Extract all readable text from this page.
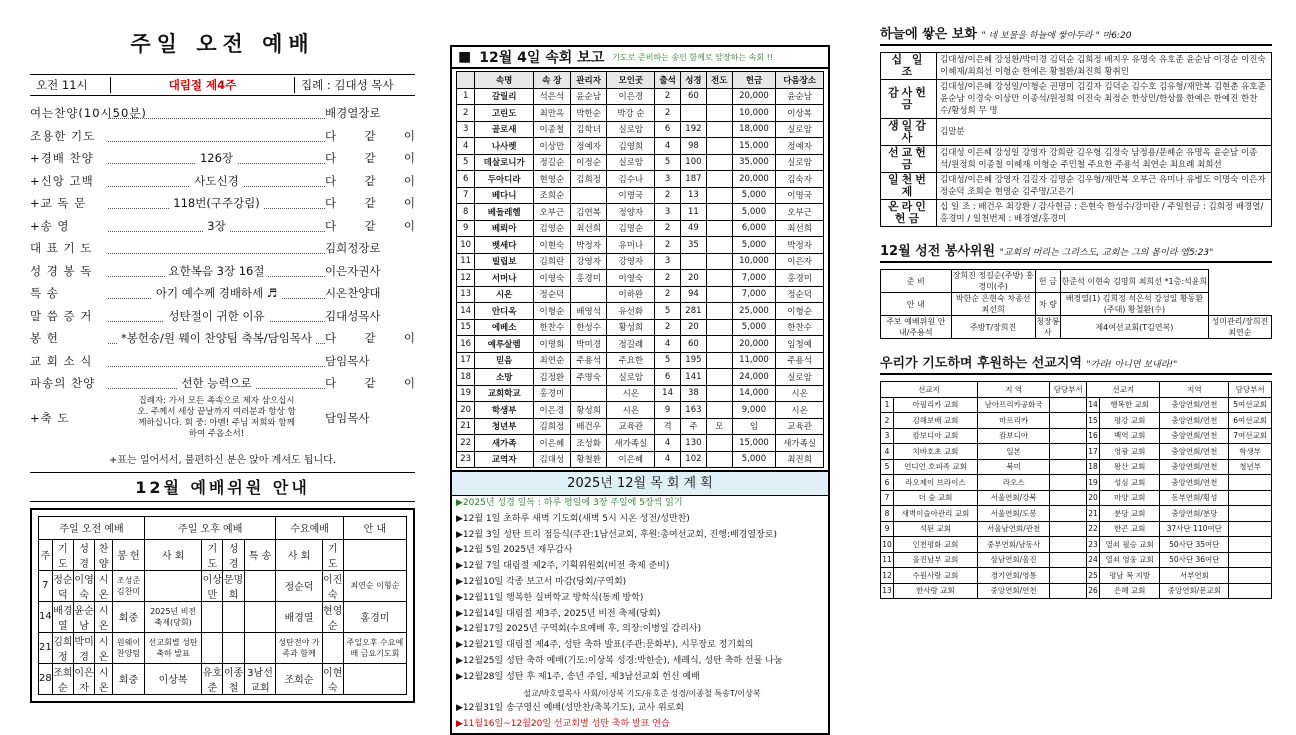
주일 오전 예배
오전 11시	대림절 제4주	집례 : 김대성 목사
여는찬양(10시50분)	배경열장로
조용한 기도	다 같 이
+경배 찬양	126장	다 같 이
+신앙 고백	사도신경	다 같 이
+교 독 문	118번(구주강림)	다 같 이
+송 영	3장	다 같 이
대 표 기 도	김희정장로
성 경 봉 독	요한복음 3장 16절	이은자권사
특 송	아기 예수께 경배하세 ♬	시온찬양대
말 씀 증 거	성탄절이 귀한 이유	김대성목사
봉 헌	*봉헌송/원 웨이 찬양팀 축복/담임목사	다 같 이
교 회 소 식	담임목사
파송의 찬양	선한 능력으로	다 같 이
+축 도
집례자: 가서 모든 족속으로 제자 삼으십시오. 주께서 세상 끝날까지 여러분과 항상 함께하십니다. 회 중: 아멘! 주님 저희와 함께하여 주옵소서!
담임목사
+표는 일어서서, 불편하신 분은 앉아 계셔도 됩니다.
12월 예배위원 안내
주일 오전 예배					주일 오후 예배				수요예배		안 내
주	기 도	성 경	찬 양	봉 헌	사 회	기 도	성 경	특 송	사 회	기 도	
7	정순덕	이영숙	시온	조성준 김찬미		이상만	문명희		정순덕	이진숙	최연순 이형순
14	배경열	윤순남	시온	회중	2025년 비전 축제(당회)				배경열	현영순	홍경미
21	김희정	박미경	시온	원웨이 찬양팀	선교회별 성탄 축하 발표				성탄전야 가족과 함께		주일오후 수요예배 금요기도회
28	조희순	이은자	시온	회중	이상복	유호준	이종철	3남선 교회	조희순	이현숙	
■ 12월 4일 속회 보고 기도로 준비하는 송인 함께로 앞장하는 속회 !!
	속명	속 장	관리자	모인곳	출석	성경	전도	헌금	다음장소
1	갈릴리	석은석	윤순남	이은경	2	60		20,000	윤순남
2	고린도	최만옥	박한순	박강 순	2			10,000	이상복
3	골로새	이종철	김학녀	실로암	6	192		18,000	실로암
4	나사렛	이상만	정예자	김영희	4	98		15,000	정예자
5	데살로니가	정길순	이정순	실로암	5	100		35,000	실로암
6	두아디라	현영순	김희정	김수나	3	187		20,000	김숙자
7	베다니	조희순		이명국	2	13		5,000	이명국
8	베들레헴	오부근	김연복	정양자	3	11		5,000	오부근
9	베뢰아	김영순	최선희	김명순	2	49		6,000	최선희
10	벳세다	이현숙	박정자	유미나	2	35		5,000	박정자
11	빌립보	김희란	강영자	강영자	3			10,000	이은자
12	서머나	이영숙	홍경미	이영숙	2	20		7,000	홍경미
13	시온	정순덕		이하완	2	94		7,000	정순덕
14	안디옥	이형순	배영석	유선화	5	281		25,000	이형순
15	에베소	한찬수	한성수	황성희	2	20		5,000	한찬수
16	예루살렘	이명희	박미경	정길례	4	60		20,000	임청예
17	믿음	최연순	주용석	주요한	5	195		11,000	주용석
18	소망	김정환	주명숙	실로암	6	141		24,000	실로암
19	교회학교	홍경미		시온	14	38		14,000	시온
20	학생부	이은경	황성희	시온	9	163		9,000	시온
21	청년부	김희정	배건우	교육관	격	주	모	임	교육관
22	새가족	이은혜	조성화	새가족실	4	130		15,000	새가족실
23	교역자	김대성	황철환	이은혜	4	102		5,000	최진희
2025년 12월 목 회 계 획
▶2025년 성경 일독 : 하루 평일에 3장 주일에 5장씩 읽기
▶12월 1일 초하루 새벽 기도회(새벽 5시 시온 성전/성만찬)
▶12월 3일 성탄 트리 점등식(주관:1남선교회, 후원:총여선교회, 진행:배경열장로)
▶12월 5일 2025년 재무감사
▶12월 7일 대림절 제2주, 기획위원회(비전 축제 준비)
▶12월10일 각종 보고서 마감(당회/구역회)
▶12월11일 행복한 실버학교 방학식(동계 방학)
▶12월14일 대림절 제3주, 2025년 비전 축제(당회)
▶12월17일 2025년 구역회(수요예배 후, 의장:이병일 감리사)
▶12월21일 대림절 제4주, 성탄 축하 발표(주관:문화부), 시무장로 정기회의
▶12월25일 성탄 축하 예배(기도:이상복 성경:박한순), 세례식, 성탄 축하 선물 나눔
▶12월28일 성탄 후 제1주, 송년 주일, 제3남선교회 헌신 예배
설교/박호열목사 사회/이상복 기도/유호준 성경/이종철 특송T/이상복
▶12월31일 송구영신 예배(성만찬/축복기도), 교사 위로회
▶11월16일~12월20일 선교회별 성탄 축하 발표 연습
하늘에 쌓은 보화 " 네 보물을 하늘에 쌓아두라 " 마6:20
십 일 조	김대성/이은혜 강성환/박미경 김덕순 김희정 배지우 유명숙 유호준 윤순남 이경순 이진숙 이혜재/최희선 이형순 한예은 황철환/최진희 황취민
감사헌금	김대성/이은혜 강성일/이형순 권명미 김길자 김덕순 김수호 김유형/재만복 김현춘 유호준 윤순남 이경숙 이상만 이종석/원정희 이진숙 최정순 한상민/한상률 한예은 한예진 한찬수/황성희 무 명
생일감사	김말분
선교헌금	김대성 이은혜 강성일 강영자 강희란 김우형 김정숙 남정용/문혜순 유명옥 윤순남 이종석/원정희 이종철 이혜재 이형순 주민철 주요한 주용석 최연순 최요례 최희선
일천번제	김대성/이은혜 강영자 김길자 김명순 김우형/재만복 오부근 유미나 유병도 이명숙 이은자 정순덕 조희순 현명순 김주명/고은기
온라인헌금	십 일 조 : 배건우 최강환 / 감사헌금 : 은현숙 한성수/강미란 / 주일헌금 : 김희정 배경열/홍경미 / 일천번제 : 배경열/홍경미
12월 성전 봉사위원 "교회의 머리는 그리스도, 교회는 그의 몸이라 엡5:23"
준 비	장희진 정길순(주방) 홍경미(주)	헌 금	한준석 이현숙 김명희 최희선 *1층:석윤희	
안 내	박한순 은현숙 차종선 최선희	차 량	배경열(1) 김희정 석은석 강성일 황동환(주대) 황철환(수)	
주보 예배위원 안내/주용석	주방T/장희진	청장봉사	제4여선교회(T김연복)	성미관리/장희진 최연순
우리가 기도하며 후원하는 선교지역 "가라! 아니면 보내라!"
선교지		지 역	담당부서	선교지		지역	담당부서
1	아필리카 교회	남아프리카공화국		14	행복한 교회	충앙연회/연천	5여선교회
2	김해보배 교회	마프리카		15	평강 교회	충앙연회/연천	6여선교회
3	캄보디아 교회	캄보디아		16	백역 교회	충앙연회/연천	7여선교회
4	치바호초 교회	일본		17	영광 교회	충앙연회/연천	학생부
5	언디언 호피족 교회	북미		18	왕산 교회	충앙연회/연천	청년부
6	라오제이 브라이스	라오스		19	성심 교회	충앙연회/연천	
7	더 숲 교회	서울연회/강북		20	마양 교회	동부연회/횡성	
8	새벽이슬아관리 교회	서울연회/도봉		21	분당 교회	충앙연회/분당	
9	석된 교회	서울남연회/관천		22	한곤 교회	37사단 110여단	
10	인천평화 교회	중부연회/남동사		23	열쇠 필승 교회	50사단 35여단	
11	올진남부 교회	삼남연회/울진		24	열쇠 영웅 교회	50사단 36여단	
12	수원사랑 교회	경기연회/영통		25	평남 복 지방	서부연회	
13	한사랑 교회	중앙연회/연천		26	은혜 교회	중앙연회/문교회	
